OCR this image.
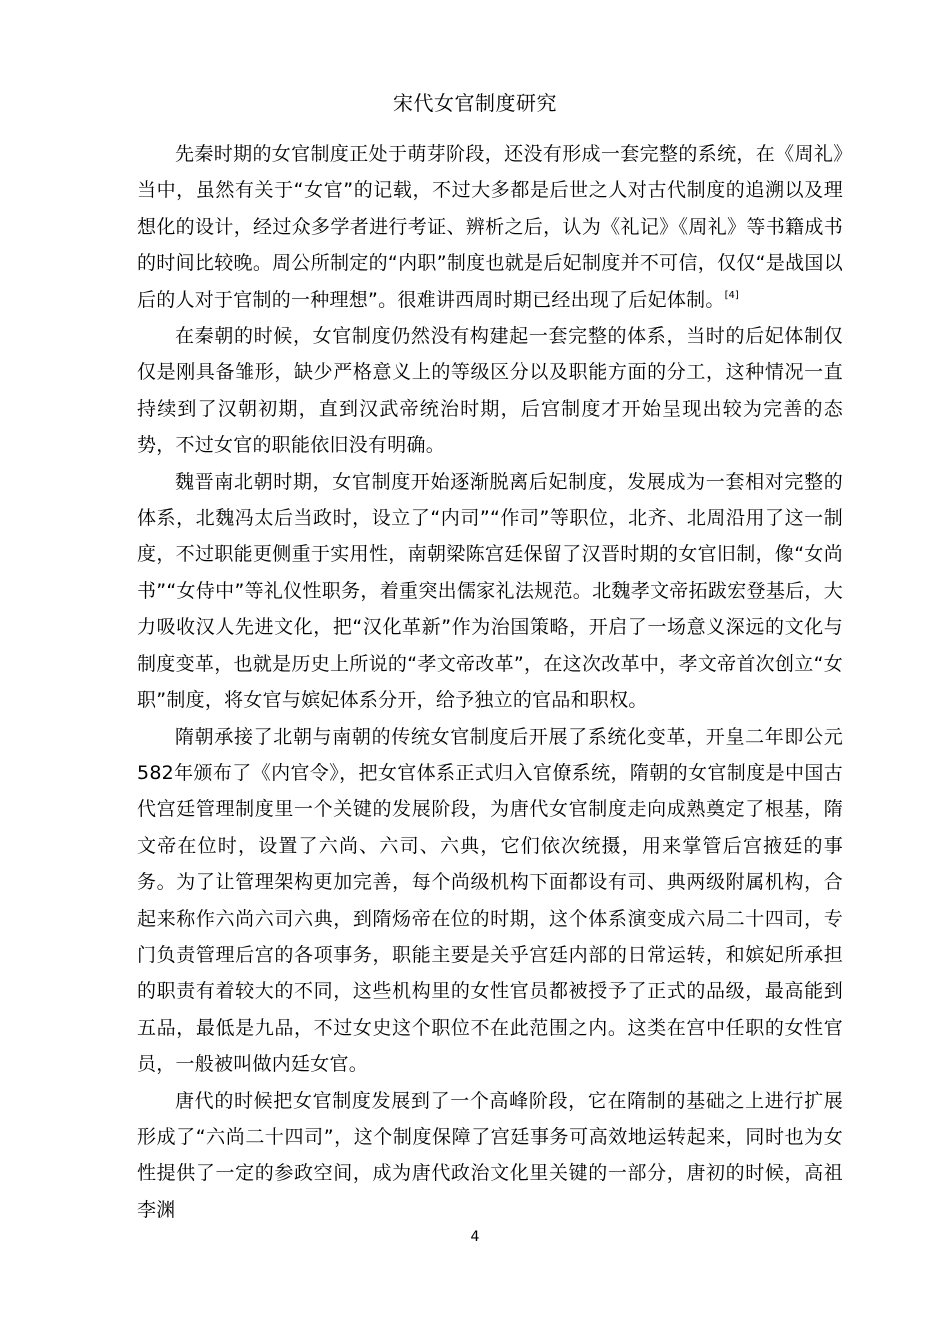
宋代女官制度研究

先秦时期的女官制度正处于萌芽阶段，还没有形成一套完整的系统，在《周礼》当中，虽然有关于“女官”的记载，不过大多都是后世之人对古代制度的追溯以及理想化的设计，经过众多学者进行考证、辨析之后，认为《礼记》《周礼》等书籍成书的时间比较晚。周公所制定的“内职”制度也就是后妃制度并不可信，仅仅“是战国以后的人对于官制的一种理想”。很难讲西周时期已经出现了后妃体制。[4]

在秦朝的时候，女官制度仍然没有构建起一套完整的体系，当时的后妃体制仅仅是刚具备雏形，缺少严格意义上的等级区分以及职能方面的分工，这种情况一直持续到了汉朝初期，直到汉武帝统治时期，后宫制度才开始呈现出较为完善的态势，不过女官的职能依旧没有明确。

魏晋南北朝时期，女官制度开始逐渐脱离后妃制度，发展成为一套相对完整的体系，北魏冯太后当政时，设立了“内司”“作司”等职位，北齐、北周沿用了这一制度，不过职能更侧重于实用性，南朝梁陈宫廷保留了汉晋时期的女官旧制，像“女尚书”“女侍中”等礼仪性职务，着重突出儒家礼法规范。北魏孝文帝拓跋宏登基后，大力吸收汉人先进文化，把“汉化革新”作为治国策略，开启了一场意义深远的文化与制度变革，也就是历史上所说的“孝文帝改革”，在这次改革中，孝文帝首次创立“女职”制度，将女官与嫔妃体系分开，给予独立的官品和职权。

隋朝承接了北朝与南朝的传统女官制度后开展了系统化变革，开皇二年即公元582年颁布了《内官令》，把女官体系正式归入官僚系统，隋朝的女官制度是中国古代宫廷管理制度里一个关键的发展阶段，为唐代女官制度走向成熟奠定了根基，隋文帝在位时，设置了六尚、六司、六典，它们依次统摄，用来掌管后宫掖廷的事务。为了让管理架构更加完善，每个尚级机构下面都设有司、典两级附属机构，合起来称作六尚六司六典，到隋炀帝在位的时期，这个体系演变成六局二十四司，专门负责管理后宫的各项事务，职能主要是关乎宫廷内部的日常运转，和嫔妃所承担的职责有着较大的不同，这些机构里的女性官员都被授予了正式的品级，最高能到五品，最低是九品，不过女史这个职位不在此范围之内。这类在宫中任职的女性官员，一般被叫做内廷女官。

唐代的时候把女官制度发展到了一个高峰阶段，它在隋制的基础之上进行扩展形成了“六尚二十四司”，这个制度保障了宫廷事务可高效地运转起来，同时也为女性提供了一定的参政空间，成为唐代政治文化里关键的一部分，唐初的时候，高祖李渊

4
